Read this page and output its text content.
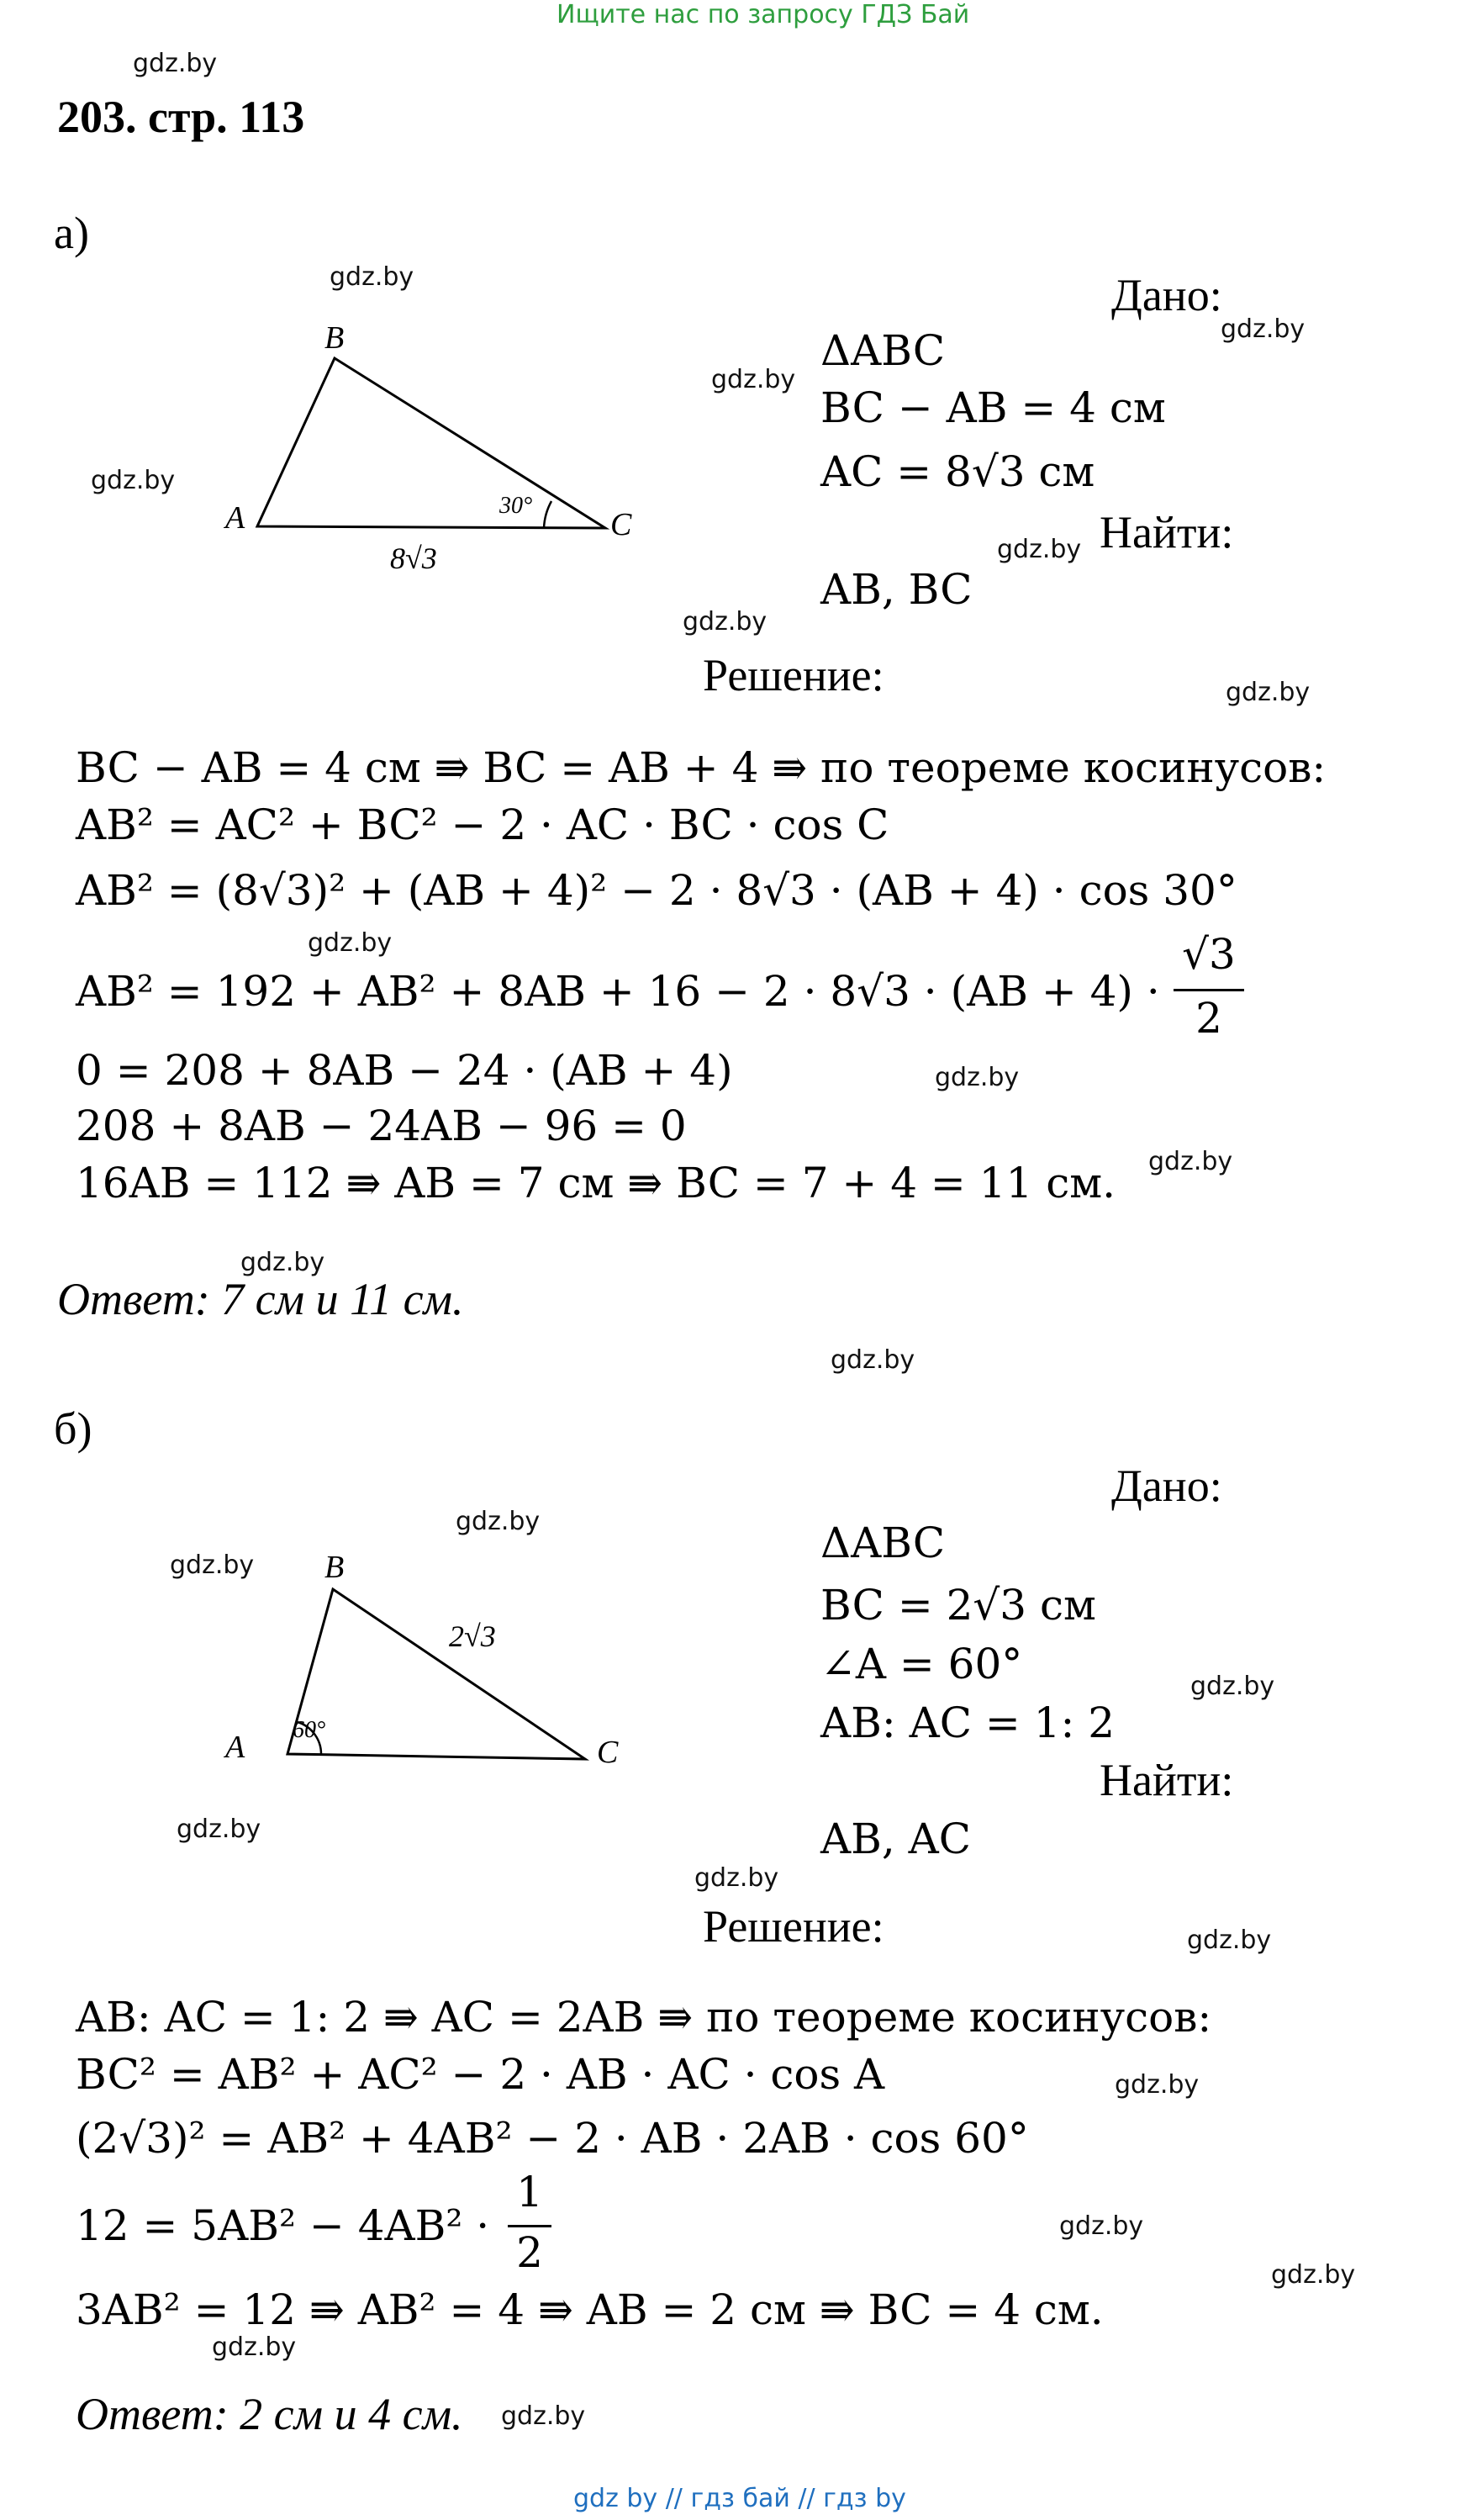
Ищите нас по запросу ГДЗ Бай
203. стр. 113
gdz.by
gdz.by
gdz.by
gdz.by
gdz.by
gdz.by
gdz.by
gdz.by
gdz.by
gdz.by
gdz.by
gdz.by
gdz.by
gdz.by
gdz.by
gdz.by
gdz.by
gdz.by
gdz.by
gdz.by
gdz.by
gdz.by
gdz.by
gdz.by
а)
B
A	C
30°
8√3
Дано:
ΔABC
BC − AB = 4 см
AC = 8√3 см
Найти:
AB, BC
Решение:
BC − AB = 4 см ⇛ BC = AB + 4 ⇛ по теореме косинусов:
AB² = AC² + BC² − 2 · AC · BC · cos C
AB² = (8√3)² + (AB + 4)² − 2 · 8√3 · (AB + 4) · cos 30°
AB² = 192 + AB² + 8AB + 16 − 2 · 8√3 · (AB + 4) ·
√3
2
0 = 208 + 8AB − 24 · (AB + 4)
208 + 8AB − 24AB − 96 = 0
16AB = 112 ⇛ AB = 7 см ⇛ BC = 7 + 4 = 11 см.
Ответ: 7 см и 11 см.
б)
B
A	C
60°
2√3
Дано:
ΔABC
BC = 2√3 см
∠A = 60°
AB: AC = 1: 2
Найти:
AB, AC
Решение:
AB: AC = 1: 2 ⇛ AC = 2AB ⇛ по теореме косинусов:
BC² = AB² + AC² − 2 · AB · AC · cos A
(2√3)² = AB² + 4AB² − 2 · AB · 2AB · cos 60°
12 = 5AB² − 4AB² ·
1
2
3AB² = 12 ⇛ AB² = 4 ⇛ AB = 2 см ⇛ BC = 4 см.
Ответ: 2 см и 4 см.
gdz by // гдз бай // гдз by
